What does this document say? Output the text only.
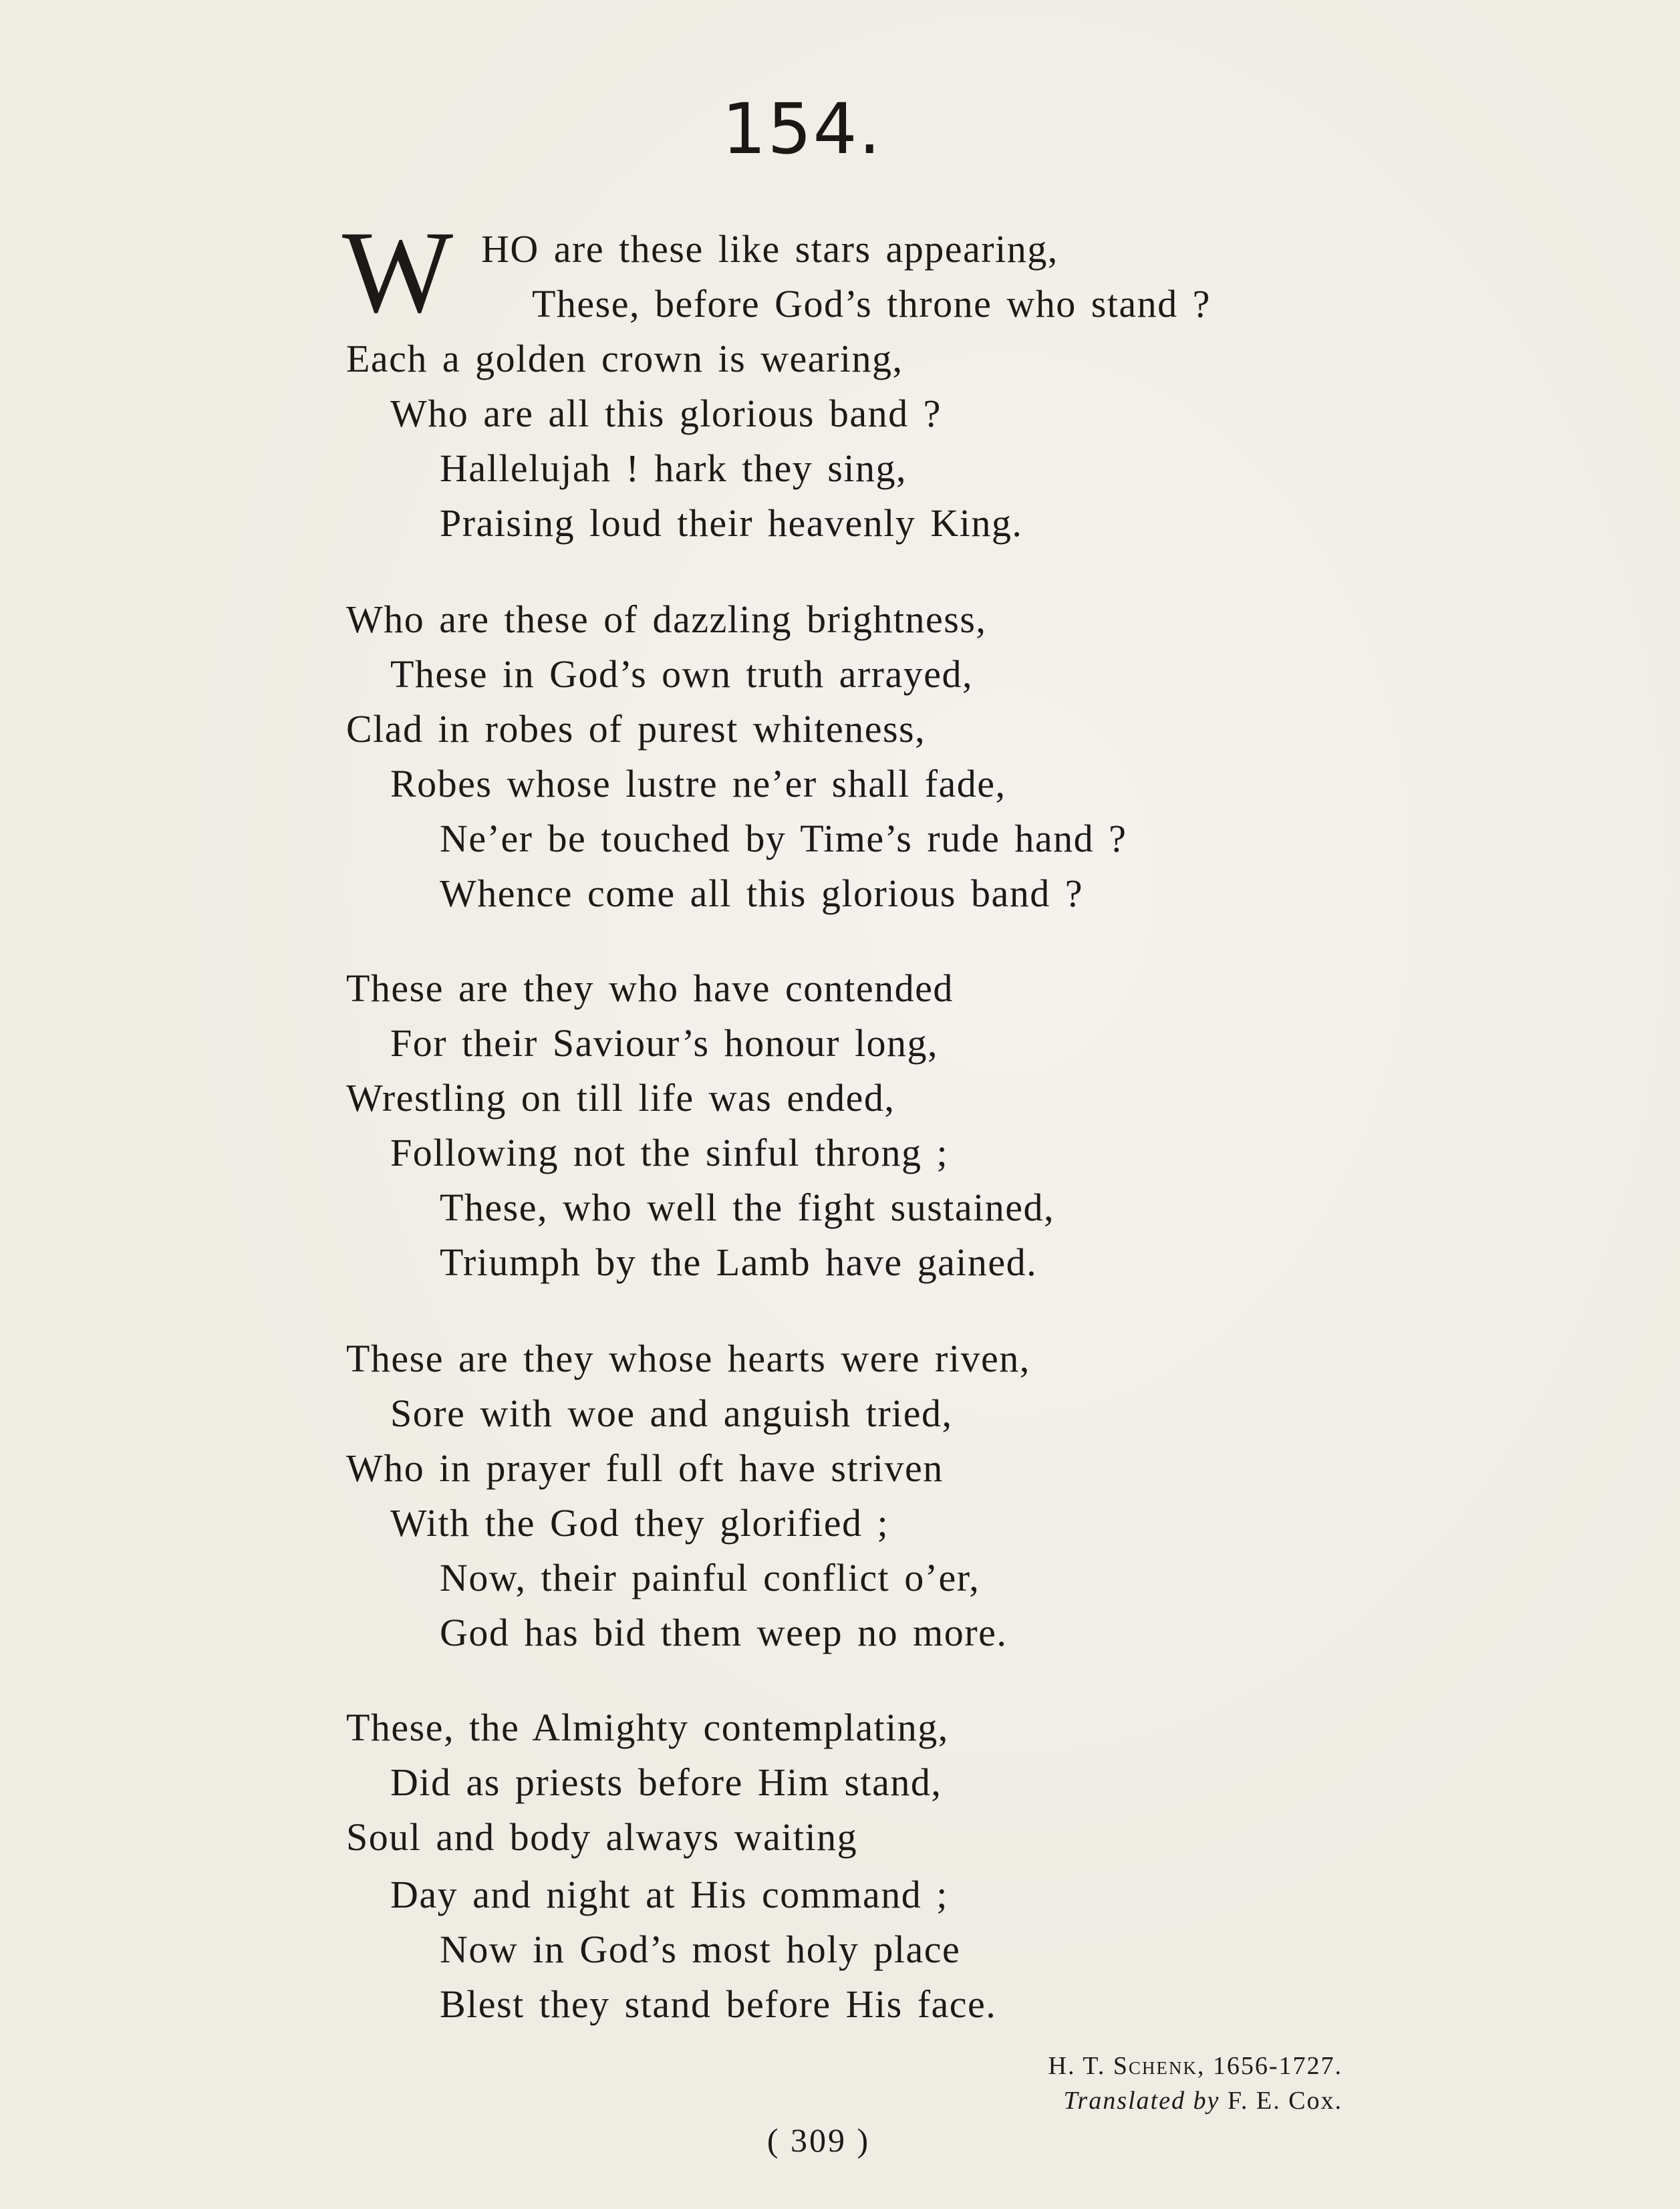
154.
W HO are these like stars appearing,
These, before God’s throne who stand ?
Each a golden crown is wearing,
Who are all this glorious band ?
Hallelujah ! hark they sing,
Praising loud their heavenly King.
Who are these of dazzling brightness,
These in God’s own truth arrayed,
Clad in robes of purest whiteness,
Robes whose lustre ne’er shall fade,
Ne’er be touched by Time’s rude hand ?
Whence come all this glorious band ?
These are they who have contended
For their Saviour’s honour long,
Wrestling on till life was ended,
Following not the sinful throng ;
These, who well the fight sustained,
Triumph by the Lamb have gained.
These are they whose hearts were riven,
Sore with woe and anguish tried,
Who in prayer full oft have striven
With the God they glorified ;
Now, their painful conflict o’er,
God has bid them weep no more.
These, the Almighty contemplating,
Did as priests before Him stand,
Soul and body always waiting
Day and night at His command ;
Now in God’s most holy place
Blest they stand before His face.
H. T. Schenk, 1656-1727.
Translated by F. E. Cox.
( 309 )
